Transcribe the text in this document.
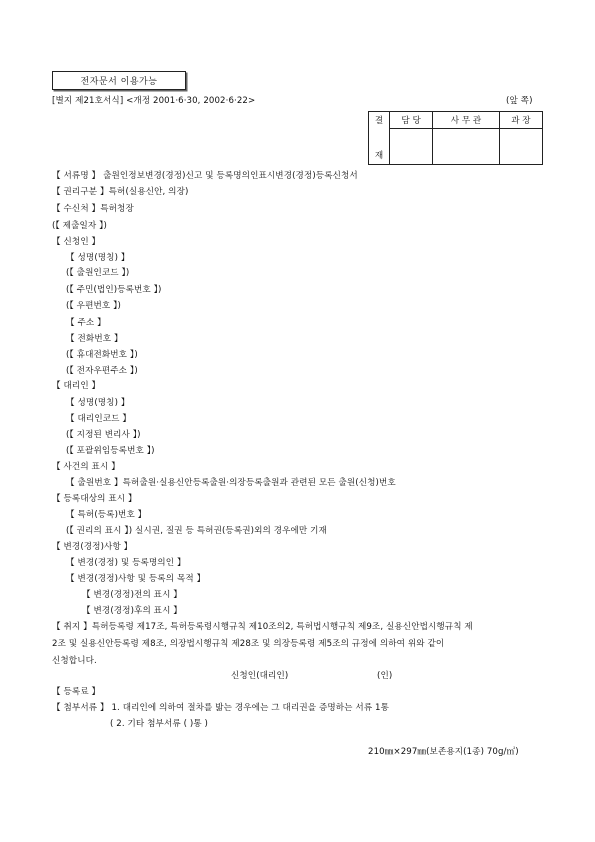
전자문서 이용가능
[별지 제21호서식] <개정 2001·6·30, 2002·6·22>	(앞 쪽)
결	담 당	사 무 관	과 장
재			
【 서류명 】 출원인정보변경(경정)신고 및 등록명의인표시변경(경정)등록신청서
【 권리구분 】특허(실용신안, 의장)
【 수신처 】특허청장
(【 제출일자 】)
【 신청인 】
【 성명(명칭) 】
(【 출원인코드 】)
(【 주민(법인)등록번호 】)
(【 우편번호 】)
【 주소 】
【 전화번호 】
(【 휴대전화번호 】)
(【 전자우편주소 】)
【 대리인 】
【 성명(명칭) 】
【 대리인코드 】
(【 지정된 변리사 】)
(【 포괄위임등록번호 】)
【 사건의 표시 】
【 출원번호 】특허출원·실용신안등록출원·의장등록출원과 관련된 모든 출원(신청)번호
【 등록대상의 표시 】
【 특허(등록)번호 】
(【 권리의 표시 】) 실시권, 질권 등 특허권(등록권)외의 경우에만 기재
【 변경(경정)사항 】
【 변경(경정) 및 등록명의인 】
【 변경(경정)사항 및 등록의 목적 】
【 변경(경정)전의 표시 】
【 변경(경정)후의 표시 】
【 취지 】특허등록령 제17조, 특허등록령시행규칙 제10조의2, 특허법시행규칙 제9조, 실용신안법시행규칙 제
2조 및 실용신안등록령 제8조, 의장법시행규칙 제28조 및 의장등록령 제5조의 규정에 의하여 위와 같이
신청합니다.
신청인(대리인)	(인)
【 등록료 】
【 첨부서류 】 1. 대리인에 의하여 절차를 밟는 경우에는 그 대리권을 증명하는 서류 1통
( 2. 기타 첨부서류 ( )통 )
210㎜×297㎜(보존용지(1종) 70g/㎡)
